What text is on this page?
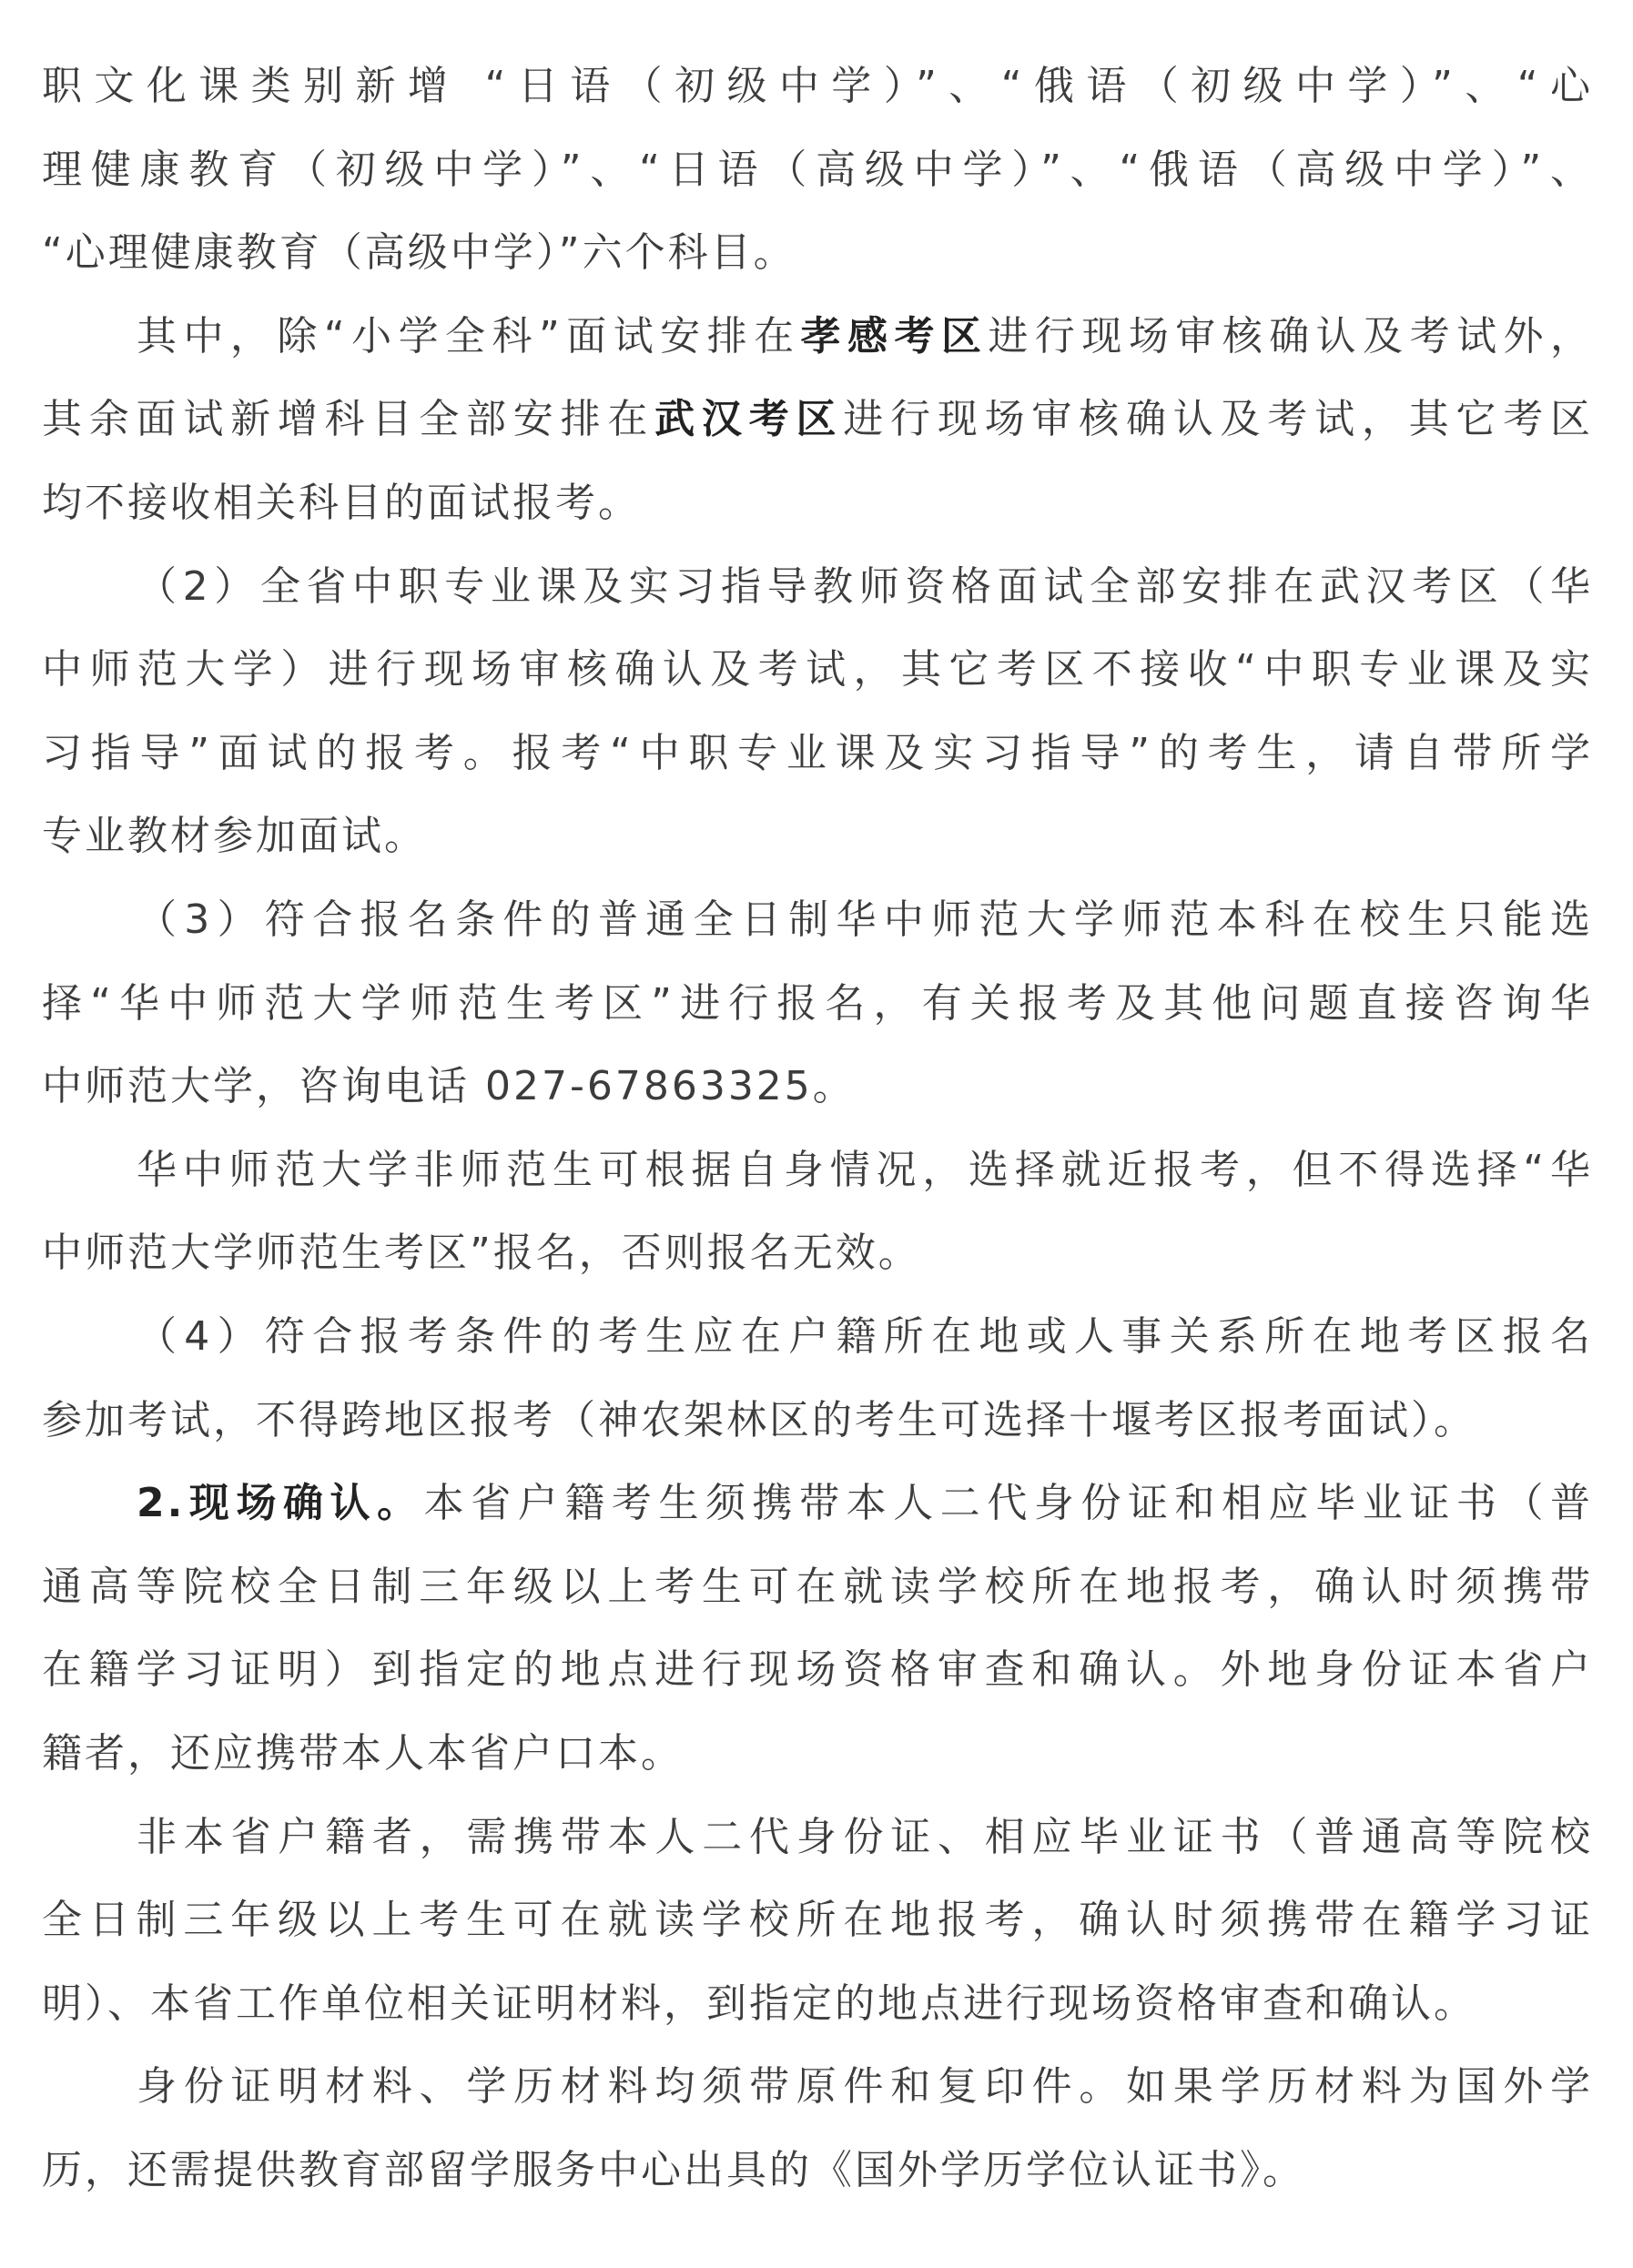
职文化课类别新增 “日语（初级中学）”、“俄语（初级中学）”、“心
理健康教育（初级中学）”、“日语（高级中学）”、“俄语（高级中学）”、
“心理健康教育（高级中学）”六个科目。
其中，除“小学全科”面试安排在孝感考区进行现场审核确认及考试外，
其余面试新增科目全部安排在武汉考区进行现场审核确认及考试，其它考区
均不接收相关科目的面试报考。
（2）全省中职专业课及实习指导教师资格面试全部安排在武汉考区（华
中师范大学）进行现场审核确认及考试，其它考区不接收“中职专业课及实
习指导”面试的报考。报考“中职专业课及实习指导”的考生，请自带所学
专业教材参加面试。
（3）符合报名条件的普通全日制华中师范大学师范本科在校生只能选
择“华中师范大学师范生考区”进行报名，有关报考及其他问题直接咨询华
中师范大学，咨询电话 027-67863325。
华中师范大学非师范生可根据自身情况，选择就近报考，但不得选择“华
中师范大学师范生考区”报名，否则报名无效。
（4）符合报考条件的考生应在户籍所在地或人事关系所在地考区报名
参加考试，不得跨地区报考（神农架林区的考生可选择十堰考区报考面试）。
2.现场确认。本省户籍考生须携带本人二代身份证和相应毕业证书（普
通高等院校全日制三年级以上考生可在就读学校所在地报考，确认时须携带
在籍学习证明）到指定的地点进行现场资格审查和确认。外地身份证本省户
籍者，还应携带本人本省户口本。
非本省户籍者，需携带本人二代身份证、相应毕业证书（普通高等院校
全日制三年级以上考生可在就读学校所在地报考，确认时须携带在籍学习证
明）、本省工作单位相关证明材料，到指定的地点进行现场资格审查和确认。
身份证明材料、学历材料均须带原件和复印件。如果学历材料为国外学
历，还需提供教育部留学服务中心出具的《国外学历学位认证书》。
